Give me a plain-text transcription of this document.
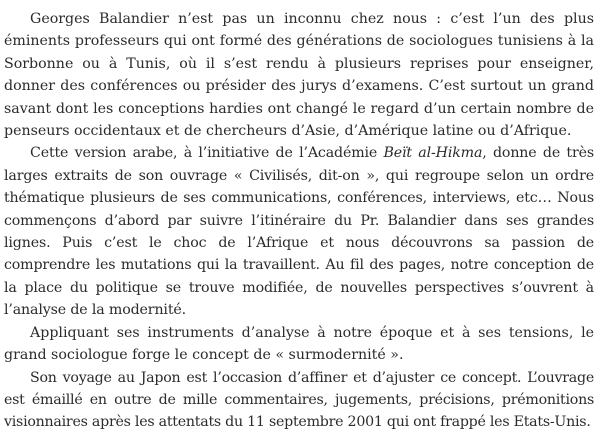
Georges Balandier n’est pas un inconnu chez nous : c’est l’un des plus éminents professeurs qui ont formé des générations de sociologues tunisiens à la Sorbonne ou à Tunis, où il s’est rendu à plusieurs reprises pour enseigner, donner des conférences ou présider des jurys d’examens. C’est surtout un grand savant dont les conceptions hardies ont changé le regard d’un certain nombre de penseurs occidentaux et de chercheurs d’Asie, d’Amérique latine ou d’Afrique.

Cette version arabe, à l’initiative de l’Académie Beït al-Hikma, donne de très larges extraits de son ouvrage « Civilisés, dit-on », qui regroupe selon un ordre thématique plusieurs de ses communications, conférences, interviews, etc… Nous commençons d’abord par suivre l’itinéraire du Pr. Balandier dans ses grandes lignes. Puis c’est le choc de l’Afrique et nous découvrons sa passion de comprendre les mutations qui la travaillent. Au fil des pages, notre conception de la place du politique se trouve modifiée, de nouvelles perspectives s’ouvrent à l’analyse de la modernité.

Appliquant ses instruments d’analyse à notre époque et à ses tensions, le grand sociologue forge le concept de « surmodernité ».

Son voyage au Japon est l’occasion d’affiner et d’ajuster ce concept. L’ouvrage est émaillé en outre de mille commentaires, jugements, précisions, prémonitions visionnaires après les attentats du 11 septembre 2001 qui ont frappé les Etats-Unis.
